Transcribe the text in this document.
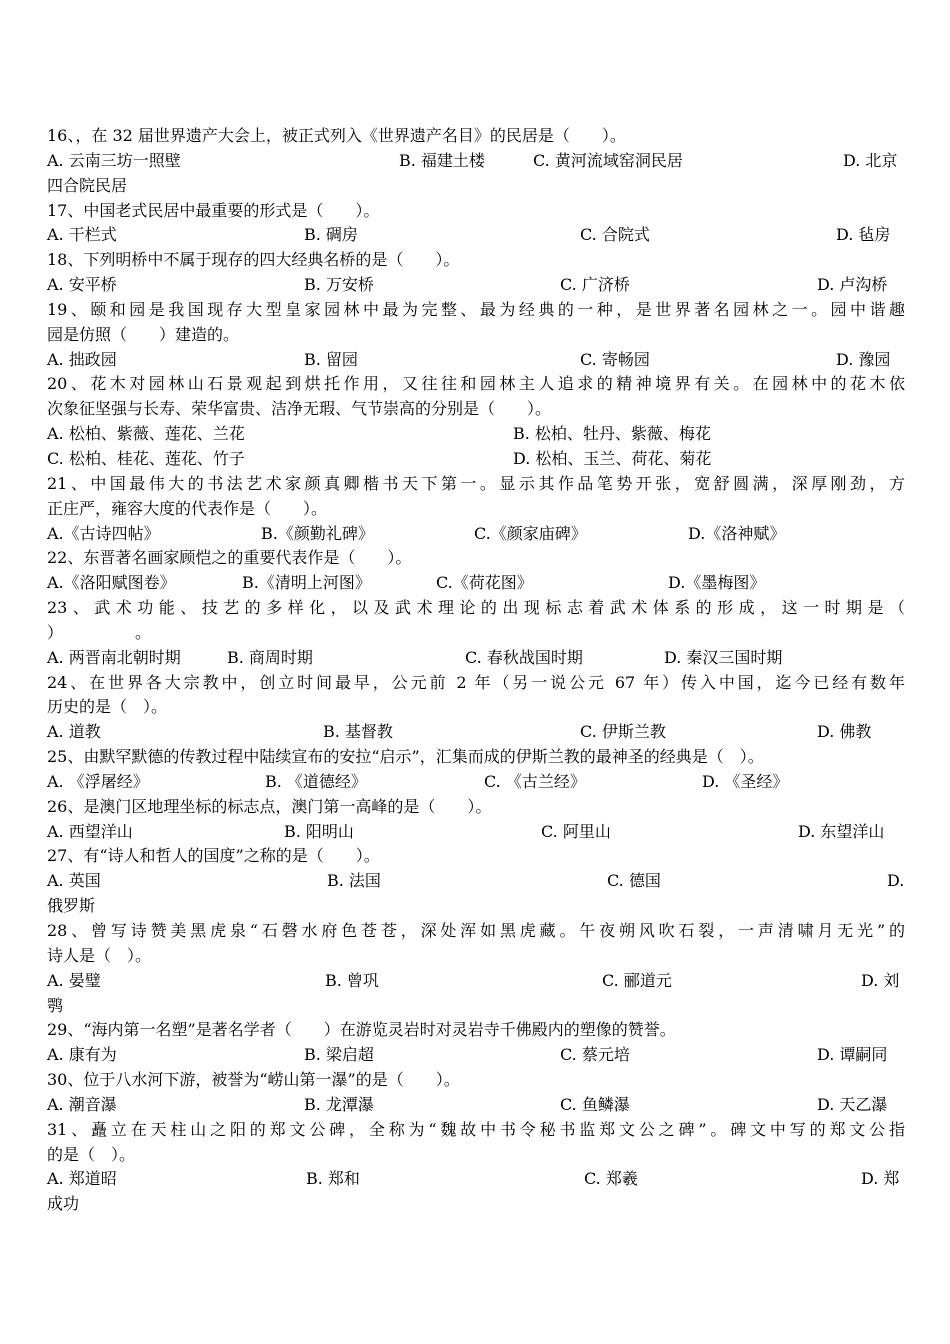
16、，在 32 届世界遗产大会上，被正式列入《世界遗产名目》的民居是（　　）。
A. 云南三坊一照壁	B. 福建土楼	C. 黄河流域窑洞民居	D. 北京
四合院民居
17、中国老式民居中最重要的形式是（　　）。
A. 干栏式	B. 碉房	C. 合院式	D. 毡房
18、下列明桥中不属于现存的四大经典名桥的是（　　）。
A. 安平桥	B. 万安桥	C. 广济桥	D. 卢沟桥
19、颐和园是我国现存大型皇家园林中最为完整、最为经典的一种，是世界著名园林之一。园中谐趣
园是仿照（　　）建造的。
A. 拙政园	B. 留园	C. 寄畅园	D. 豫园
20、花木对园林山石景观起到烘托作用，又往往和园林主人追求的精神境界有关。在园林中的花木依
次象征坚强与长寿、荣华富贵、洁净无瑕、气节崇高的分别是（　　）。
A. 松柏、紫薇、莲花、兰花	B. 松柏、牡丹、紫薇、梅花
C. 松柏、桂花、莲花、竹子	D. 松柏、玉兰、荷花、菊花
21、中国最伟大的书法艺术家颜真卿楷书天下第一。显示其作品笔势开张，宽舒圆满，深厚刚劲，方
正庄严，雍容大度的代表作是（　　）。
A.《古诗四帖》	B.《颜勤礼碑》	C.《颜家庙碑》	D.《洛神赋》
22、东晋著名画家顾恺之的重要代表作是（　　）。
A.《洛阳赋图卷》	B.《清明上河图》	C.《荷花图》	D.《墨梅图》
23、武术功能、技艺的多样化，以及武术理论的出现标志着武术体系的形成，这一时期是（
）　　　　　。
A. 两晋南北朝时期	B. 商周时期	C. 春秋战国时期	D. 秦汉三国时期
24、在世界各大宗教中，创立时间最早，公元前 2 年（另一说公元 67 年）传入中国，迄今已经有数年
历史的是（　）。
A. 道教	B. 基督教	C. 伊斯兰教	D. 佛教
25、由默罕默德的传教过程中陆续宣布的安拉“启示”，汇集而成的伊斯兰教的最神圣的经典是（　）。
A. 《浮屠经》	B. 《道德经》	C. 《古兰经》	D. 《圣经》
26、是澳门区地理坐标的标志点，澳门第一高峰的是（　　）。
A. 西望洋山	B. 阳明山	C. 阿里山	D. 东望洋山
27、有“诗人和哲人的国度”之称的是（　　）。
A. 英国	B. 法国	C. 德国	D.
俄罗斯
28、曾写诗赞美黑虎泉“石磬水府色苍苍，深处浑如黑虎藏。午夜朔风吹石裂，一声清啸月无光”的
诗人是（　）。
A. 晏璧	B. 曾巩	C. 郦道元	D. 刘
鹗
29、“海内第一名塑”是著名学者（　　）在游览灵岩时对灵岩寺千佛殿内的塑像的赞誉。
A. 康有为	B. 梁启超	C. 蔡元培	D. 谭嗣同
30、位于八水河下游，被誉为“崂山第一瀑”的是（　　）。
A. 潮音瀑	B. 龙潭瀑	C. 鱼鳞瀑	D. 天乙瀑
31、矗立在天柱山之阳的郑文公碑，全称为“魏故中书令秘书监郑文公之碑”。碑文中写的郑文公指
的是（　）。
A. 郑道昭	B. 郑和	C. 郑羲	D. 郑
成功
